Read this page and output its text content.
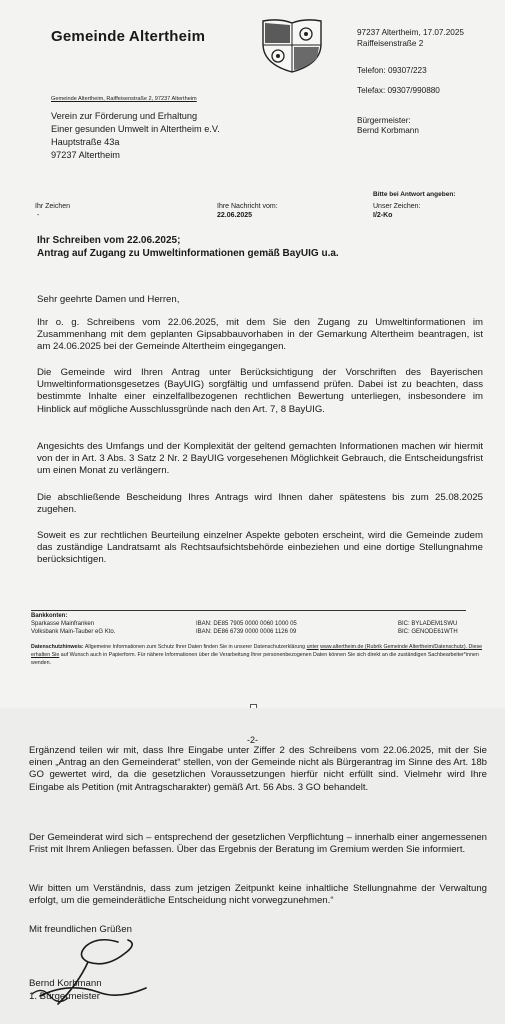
Gemeinde Altertheim	97237 Altertheim, 17.07.2025
Raiffeisenstraße 2
Telefon: 09307/223
Telefax: 09307/990880
Gemeinde Altertheim, Raiffeisenstraße 2, 97237 Altertheim
Verein zur Förderung und Erhaltung
Einer gesunden Umwelt in Altertheim e.V.
Hauptstraße 43a
97237 Altertheim
Bürgermeister:
Bernd Korbmann
Bitte bei Antwort angeben:
Ihr Zeichen
-
Ihre Nachricht vom:
22.06.2025
Unser Zeichen:
I/2-Ko
Ihr Schreiben vom 22.06.2025;
Antrag auf Zugang zu Umweltinformationen gemäß BayUIG u.a.
Sehr geehrte Damen und Herren,
Ihr o. g. Schreibens vom 22.06.2025, mit dem Sie den Zugang zu Umweltinformationen im Zusammenhang mit dem geplanten Gipsabbauvorhaben in der Gemarkung Altertheim beantragen, ist am 24.06.2025 bei der Gemeinde Altertheim eingegangen.
Die Gemeinde wird Ihren Antrag unter Berücksichtigung der Vorschriften des Bayerischen Umweltinformationsgesetzes (BayUIG) sorgfältig und umfassend prüfen. Dabei ist zu beachten, dass bestimmte Inhalte einer einzelfallbezogenen rechtlichen Bewertung unterliegen, insbesondere im Hinblick auf mögliche Ausschlussgründe nach den Art. 7, 8 BayUIG.
Angesichts des Umfangs und der Komplexität der geltend gemachten Informationen machen wir hiermit von der in Art. 3 Abs. 3 Satz 2 Nr. 2 BayUIG vorgesehenen Möglichkeit Gebrauch, die Entscheidungsfrist um einen Monat zu verlängern.
Die abschließende Bescheidung Ihres Antrags wird Ihnen daher spätestens bis zum 25.08.2025 zugehen.
Soweit es zur rechtlichen Beurteilung einzelner Aspekte geboten erscheint, wird die Gemeinde zudem das zuständige Landratsamt als Rechtsaufsichtsbehörde einbeziehen und eine dortige Stellungnahme berücksichtigen.
Bankkonten:
Sparkasse Mainfranken
Volksbank Main-Tauber eG Kto.
IBAN: DE85 7905 0000 0060 1000 05
IBAN: DE86 6739 0000 0006 1126 09
BIC: BYLADEM1SWU
BIC: GENODE61WTH
Datenschutzhinweis: Allgemeine Informationen zum Schutz Ihrer Daten finden Sie in unserer Datenschutzerklärung unter www.altertheim.de (Rubrik Gemeinde Altertheim/Datenschutz). Diese erhalten Sie auf Wunsch auch in Papierform. Für nähere Informationen über die Verarbeitung Ihrer personenbezogenen Daten können Sie sich direkt an die zuständigen Sachbearbeiter*innen wenden.
-2-
Ergänzend teilen wir mit, dass Ihre Eingabe unter Ziffer 2 des Schreibens vom 22.06.2025, mit der Sie einen „Antrag an den Gemeinderat“ stellen, von der Gemeinde nicht als Bürgerantrag im Sinne des Art. 18b GO gewertet wird, da die gesetzlichen Voraussetzungen hierfür nicht erfüllt sind. Vielmehr wird Ihre Eingabe als Petition (mit Antragscharakter) gemäß Art. 56 Abs. 3 GO behandelt.
Der Gemeinderat wird sich – entsprechend der gesetzlichen Verpflichtung – innerhalb einer angemessenen Frist mit Ihrem Anliegen befassen. Über das Ergebnis der Beratung im Gremium werden Sie informiert.
Wir bitten um Verständnis, dass zum jetzigen Zeitpunkt keine inhaltliche Stellungnahme der Verwaltung erfolgt, um die gemeinderätliche Entscheidung nicht vorwegzunehmen.“
Mit freundlichen Grüßen
Bernd Korbmann
1. Bürgermeister
